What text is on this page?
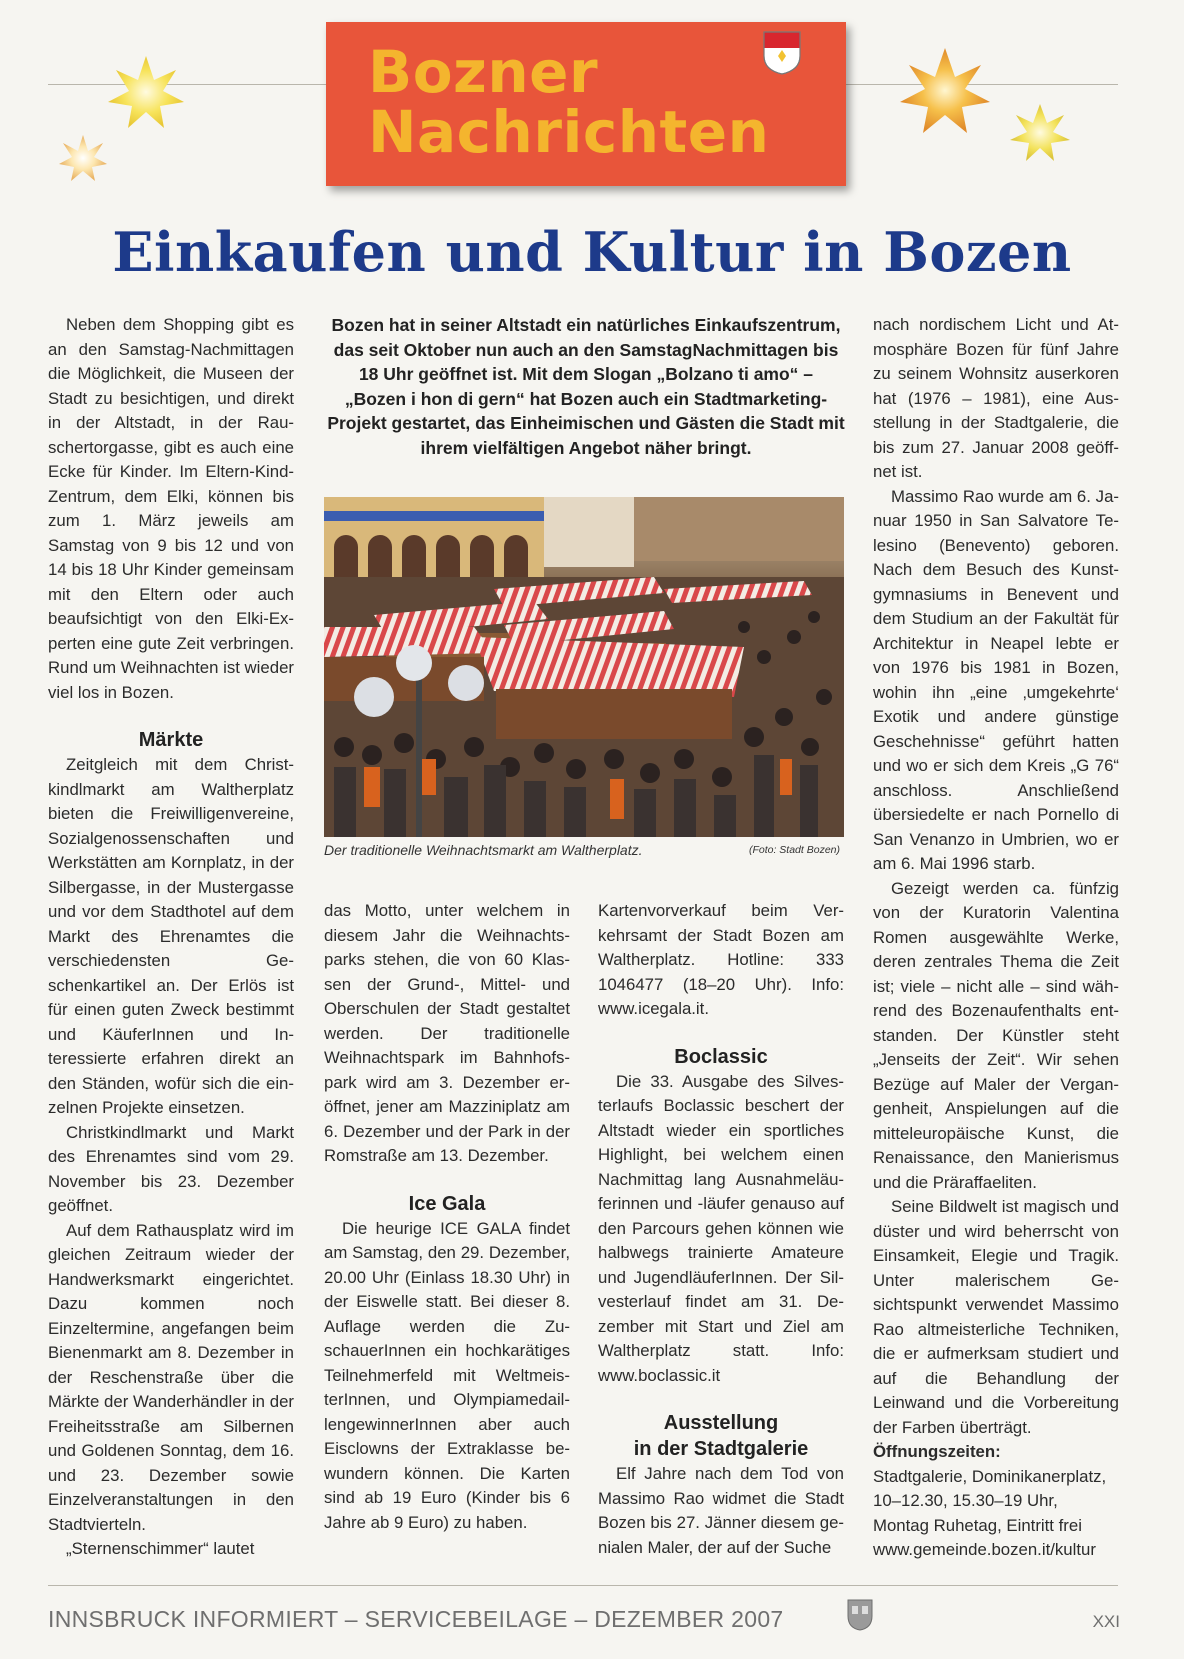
Bozner
Nachrichten
Einkaufen und Kultur in Bozen

Neben dem Shopping gibt es an den Samstag-Nachmittagen die Möglichkeit, die Museen der Stadt zu besichtigen, und direkt in der Altstadt, in der Rauschertorgasse, gibt es auch eine Ecke für Kinder. Im Eltern-Kind-Zentrum, dem Elki, können bis zum 1. März jeweils am Samstag von 9 bis 12 und von 14 bis 18 Uhr Kinder gemeinsam mit den Eltern oder auch beaufsichtigt von den Elki-Experten eine gute Zeit verbringen. Rund um Weihnachten ist wieder viel los in Bozen.

Märkte

Zeitgleich mit dem Christkindlmarkt am Waltherplatz bieten die Freiwilligenvereine, Sozialgenossenschaften und Werkstätten am Kornplatz, in der Silbergasse, in der Mustergasse und vor dem Stadthotel auf dem Markt des Ehrenamtes die verschiedensten Geschenkartikel an. Der Erlös ist für einen guten Zweck bestimmt und KäuferInnen und Interessierte erfahren direkt an den Ständen, wofür sich die einzelnen Projekte einsetzen.

Christkindlmarkt und Markt des Ehrenamtes sind vom 29. November bis 23. Dezember geöffnet.

Auf dem Rathausplatz wird im gleichen Zeitraum wieder der Handwerksmarkt eingerichtet. Dazu kommen noch Einzeltermine, angefangen beim Bienenmarkt am 8. Dezember in der Reschenstraße über die Märkte der Wanderhändler in der Freiheitsstraße am Silbernen und Goldenen Sonntag, dem 16. und 23. Dezember sowie Einzelveranstaltungen in den Stadtvierteln.

„Sternenschimmer“ lautet

Bozen hat in seiner Altstadt ein natürliches Einkaufszentrum, das seit Oktober nun auch an den SamstagNachmittagen bis 18 Uhr geöffnet ist. Mit dem Slogan „Bolzano ti amo“ – „Bozen i hon di gern“ hat Bozen auch ein Stadtmarketing-Projekt gestartet, das Einheimischen und Gästen die Stadt mit ihrem vielfältigen Angebot näher bringt.
Der traditionelle Weihnachtsmarkt am Waltherplatz.	(Foto: Stadt Bozen)

das Motto, unter welchem in diesem Jahr die Weihnachtsparks stehen, die von 60 Klassen der Grund-, Mittel- und Oberschulen der Stadt gestaltet werden. Der traditionelle Weihnachtspark im Bahnhofspark wird am 3. Dezember eröffnet, jener am Mazziniplatz am 6. Dezember und der Park in der Romstraße am 13. Dezember.

Ice Gala

Die heurige ICE GALA findet am Samstag, den 29. Dezember, 20.00 Uhr (Einlass 18.30 Uhr) in der Eiswelle statt. Bei dieser 8. Auflage werden die ZuschauerInnen ein hochkarätiges Teilnehmerfeld mit WeltmeisterInnen, und OlympiamedaillengewinnerInnen aber auch Eisclowns der Extraklasse bewundern können. Die Karten sind ab 19 Euro (Kinder bis 6 Jahre ab 9 Euro) zu haben.

Kartenvorverkauf beim Verkehrsamt der Stadt Bozen am Waltherplatz. Hotline: 333 1046477 (18–20 Uhr). Info: www.icegala.it.

Boclassic

Die 33. Ausgabe des Silvesterlaufs Boclassic beschert der Altstadt wieder ein sportliches Highlight, bei welchem einen Nachmittag lang Ausnahmeläuferinnen und -läufer genauso auf den Parcours gehen können wie halbwegs trainierte Amateure und JugendläuferInnen. Der Silvesterlauf findet am 31. Dezember mit Start und Ziel am Waltherplatz statt. Info: www.boclassic.it

Ausstellung
in der Stadtgalerie

Elf Jahre nach dem Tod von Massimo Rao widmet die Stadt Bozen bis 27. Jänner diesem genialen Maler, der auf der Suche

nach nordischem Licht und Atmosphäre Bozen für fünf Jahre zu seinem Wohnsitz auserkoren hat (1976 – 1981), eine Ausstellung in der Stadtgalerie, die bis zum 27. Januar 2008 geöffnet ist.

Massimo Rao wurde am 6. Januar 1950 in San Salvatore Telesino (Benevento) geboren. Nach dem Besuch des Kunstgymnasiums in Benevent und dem Studium an der Fakultät für Architektur in Neapel lebte er von 1976 bis 1981 in Bozen, wohin ihn „eine ‚umgekehrte‘ Exotik und andere günstige Geschehnisse“ geführt hatten und wo er sich dem Kreis „G 76“ anschloss. Anschließend übersiedelte er nach Pornello di San Venanzo in Umbrien, wo er am 6. Mai 1996 starb.

Gezeigt werden ca. fünfzig von der Kuratorin Valentina Romen ausgewählte Werke, deren zentrales Thema die Zeit ist; viele – nicht alle – sind während des Bozenaufenthalts entstanden. Der Künstler steht „Jenseits der Zeit“. Wir sehen Bezüge auf Maler der Vergangenheit, Anspielungen auf die mitteleuropäische Kunst, die Renaissance, den Manierismus und die Präraffaeliten.

Seine Bildwelt ist magisch und düster und wird beherrscht von Einsamkeit, Elegie und Tragik. Unter malerischem Gesichtspunkt verwendet Massimo Rao altmeisterliche Techniken, die er aufmerksam studiert und auf die Behandlung der Leinwand und die Vorbereitung der Farben überträgt.

Öffnungszeiten:

Stadtgalerie, Dominikanerplatz,

10–12.30, 15.30–19 Uhr,

Montag Ruhetag, Eintritt frei

www.gemeinde.bozen.it/kultur

INNSBRUCK INFORMIERT – SERVICEBEILAGE – DEZEMBER 2007	XXI
